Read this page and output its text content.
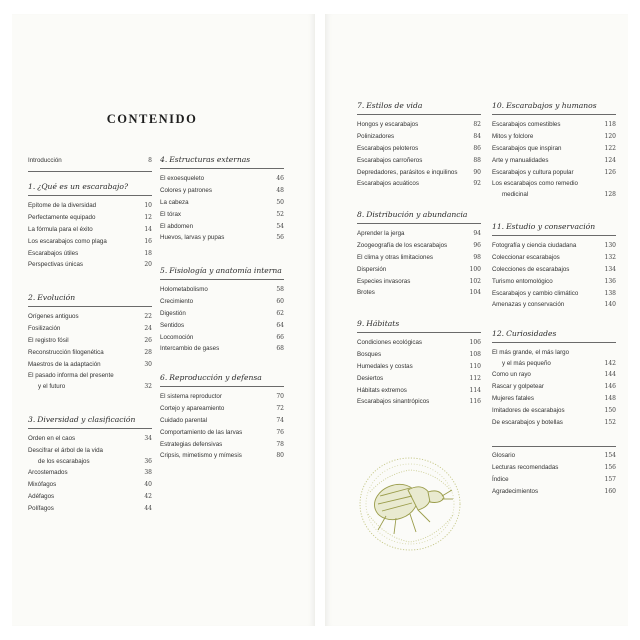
CONTENIDO
Introducción	8
1. ¿Qué es un escarabajo?
Epítome de la diversidad	10
Perfectamente equipado	12
La fórmula para el éxito	14
Los escarabajos como plaga	16
Escarabajos útiles	18
Perspectivas únicas	20
2. Evolución
Orígenes antiguos	22
Fosilización	24
El registro fósil	26
Reconstrucción filogenética	28
Maestros de la adaptación	30
El pasado informa del presente
y el futuro	32
3. Diversidad y clasificación
Orden en el caos	34
Descifrar el árbol de la vida
de los escarabajos	36
Arcostemados	38
Mixófagos	40
Adéfagos	42
Polífagos	44
4. Estructuras externas
El exoesqueleto	46
Colores y patrones	48
La cabeza	50
El tórax	52
El abdomen	54
Huevos, larvas y pupas	56
5. Fisiología y anatomía interna
Holometabolismo	58
Crecimiento	60
Digestión	62
Sentidos	64
Locomoción	66
Intercambio de gases	68
6. Reproducción y defensa
El sistema reproductor	70
Cortejo y apareamiento	72
Cuidado parental	74
Comportamiento de las larvas	76
Estrategias defensivas	78
Cripsis, mimetismo y mímesis	80
7. Estilos de vida
Hongos y escarabajos	82
Polinizadores	84
Escarabajos peloteros	86
Escarabajos carroñeros	88
Depredadores, parásitos e inquilinos	90
Escarabajos acuáticos	92
8. Distribución y abundancia
Aprender la jerga	94
Zoogeografía de los escarabajos	96
El clima y otras limitaciones	98
Dispersión	100
Especies invasoras	102
Brotes	104
9. Hábitats
Condiciones ecológicas	106
Bosques	108
Humedales y costas	110
Desiertos	112
Hábitats extremos	114
Escarabajos sinantrópicos	116
10. Escarabajos y humanos
Escarabajos comestibles	118
Mitos y folclore	120
Escarabajos que inspiran	122
Arte y manualidades	124
Escarabajos y cultura popular	126
Los escarabajos como remedio
medicinal	128
11. Estudio y conservación
Fotografía y ciencia ciudadana	130
Coleccionar escarabajos	132
Colecciones de escarabajos	134
Turismo entomológico	136
Escarabajos y cambio climático	138
Amenazas y conservación	140
12. Curiosidades
El más grande, el más largo
y el más pequeño	142
Como un rayo	144
Rascar y golpetear	146
Mujeres fatales	148
Imitadores de escarabajos	150
De escarabajos y botellas	152
Glosario	154
Lecturas recomendadas	156
Índice	157
Agradecimientos	160
